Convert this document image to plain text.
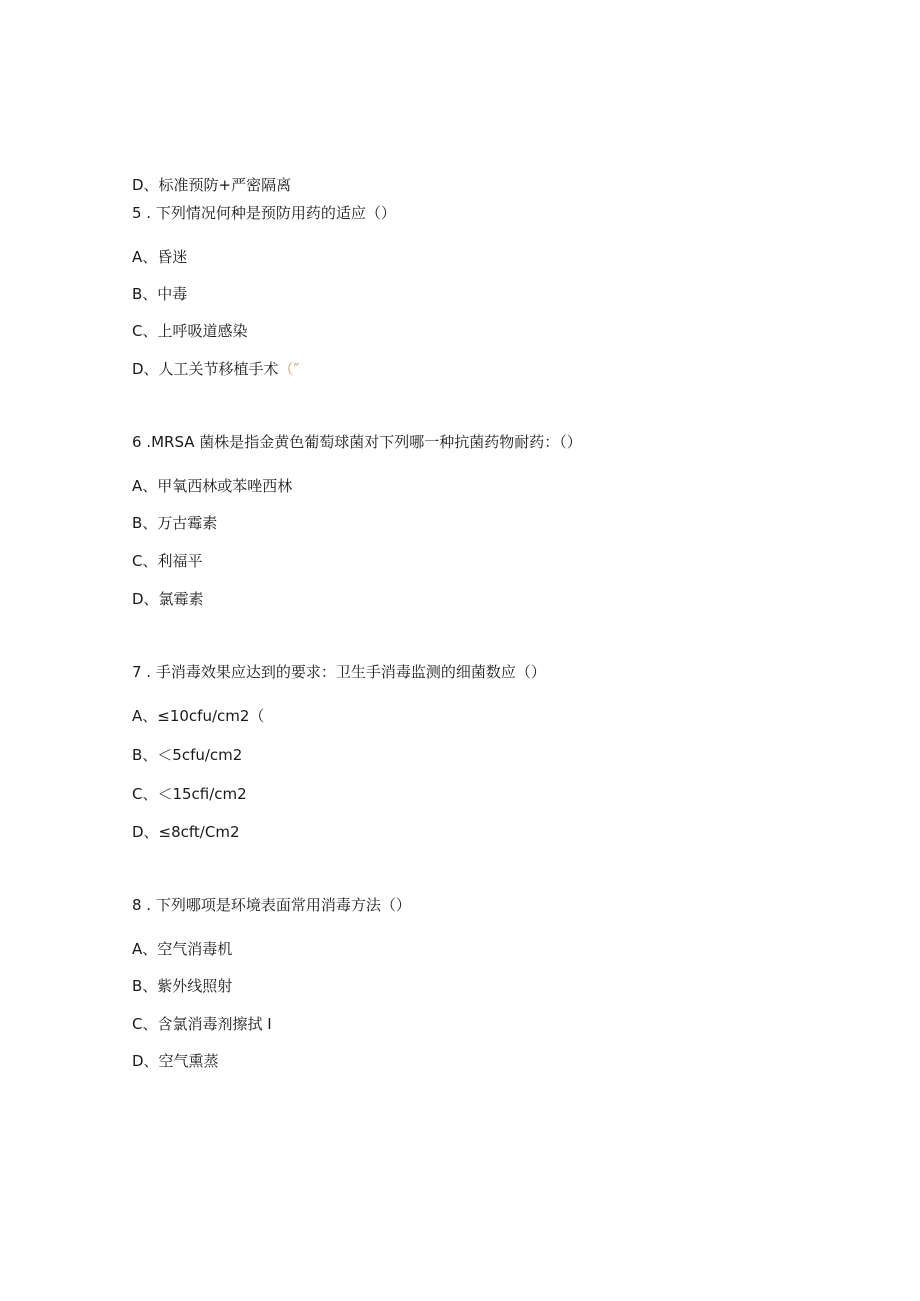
D、标准预防+严密隔离
5 . 下列情况何种是预防用药的适应（）
A、昏迷
B、中毒
C、上呼吸道感染
D、人工关节移植手术（″
6 .MRSA 菌株是指金黄色葡萄球菌对下列哪一种抗菌药物耐药：（）
A、甲氧西林或苯唑西林
B、万古霉素
C、利福平
D、氯霉素
7 . 手消毒效果应达到的要求：卫生手消毒监测的细菌数应（）
A、≤10cfu∕cm2（
B、＜5cfu∕cm2
C、＜15cfi∕cm2
D、≤8cft∕Cm2
8 . 下列哪项是环境表面常用消毒方法（）
A、空气消毒机
B、紫外线照射
C、含氯消毒剂擦拭 I
D、空气熏蒸
